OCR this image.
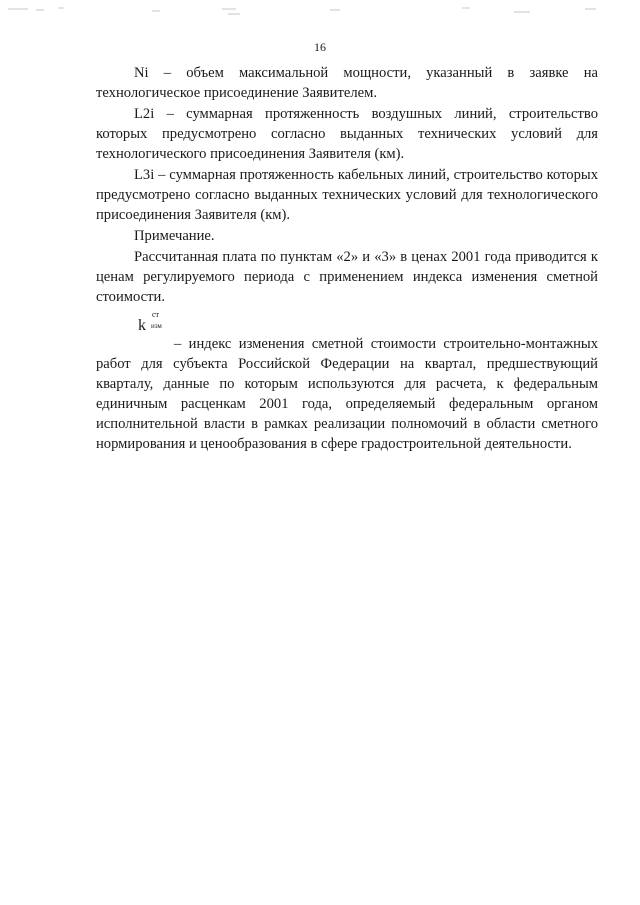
16

Ni – объем максимальной мощности, указанный в заявке на технологическое присоединение Заявителем.

L2i – суммарная протяженность воздушных линий, строительство которых предусмотрено согласно выданных технических условий для технологического присоединения Заявителя (км).

L3i – суммарная протяженность кабельных линий, строительство которых предусмотрено согласно выданных технических условий для технологического присоединения Заявителя (км).

Примечание.

Рассчитанная плата по пунктам «2» и «3» в ценах 2001 года приводится к ценам регулируемого периода с применением индекса изменения сметной стоимости.

k
ст
изм

– индекс изменения сметной стоимости строительно-монтажных работ для субъекта Российской Федерации на квартал, предшествующий кварталу, данные по которым используются для расчета, к федеральным единичным расценкам 2001 года, определяемый федеральным органом исполнительной власти в рамках реализации полномочий в области сметного нормирования и ценообразования в сфере градостроительной деятельности.
